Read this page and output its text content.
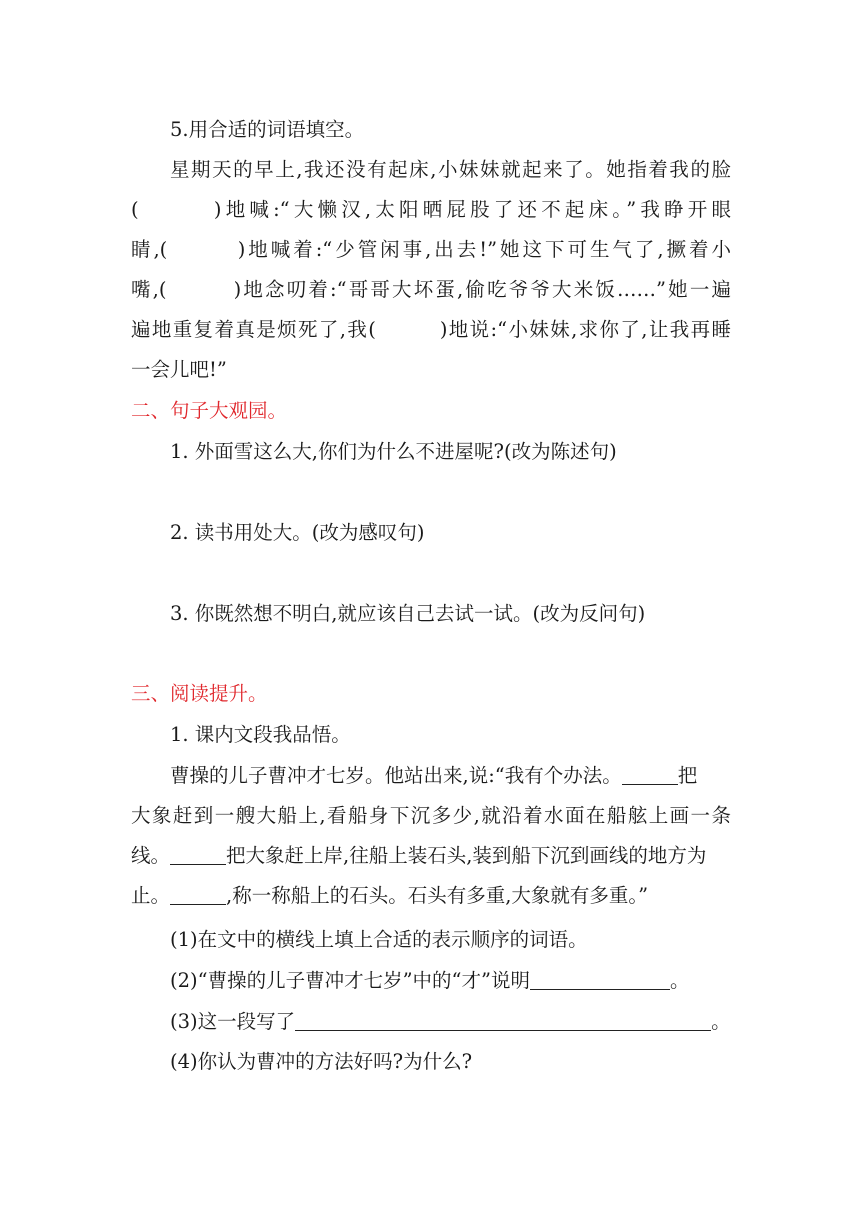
5.用合适的词语填空。
星期天的早上,我还没有起床,小妹妹就起来了。她指着我的脸
(　　　)地喊:“大懒汉,太阳晒屁股了还不起床。”我睁开眼
睛,(　　　)地喊着:“少管闲事,出去!”她这下可生气了,撅着小
嘴,(　　　)地念叨着:“哥哥大坏蛋,偷吃爷爷大米饭……”她一遍
遍地重复着真是烦死了,我(　　　)地说:“小妹妹,求你了,让我再睡
一会儿吧!”
二、句子大观园。
1. 外面雪这么大,你们为什么不进屋呢?(改为陈述句)
2. 读书用处大。(改为感叹句)
3. 你既然想不明白,就应该自己去试一试。(改为反问句)
三、阅读提升。
1. 课内文段我品悟。
曹操的儿子曹冲才七岁。他站出来,说:“我有个办法。	把
大象赶到一艘大船上,看船身下沉多少,就沿着水面在船舷上画一条
线。	把大象赶上岸,往船上装石头,装到船下沉到画线的地方为
止。	,称一称船上的石头。石头有多重,大象就有多重。”
(1)在文中的横线上填上合适的表示顺序的词语。
(2)“曹操的儿子曹冲才七岁”中的“才”说明	。
(3)这一段写了	。
(4)你认为曹冲的方法好吗?为什么?
